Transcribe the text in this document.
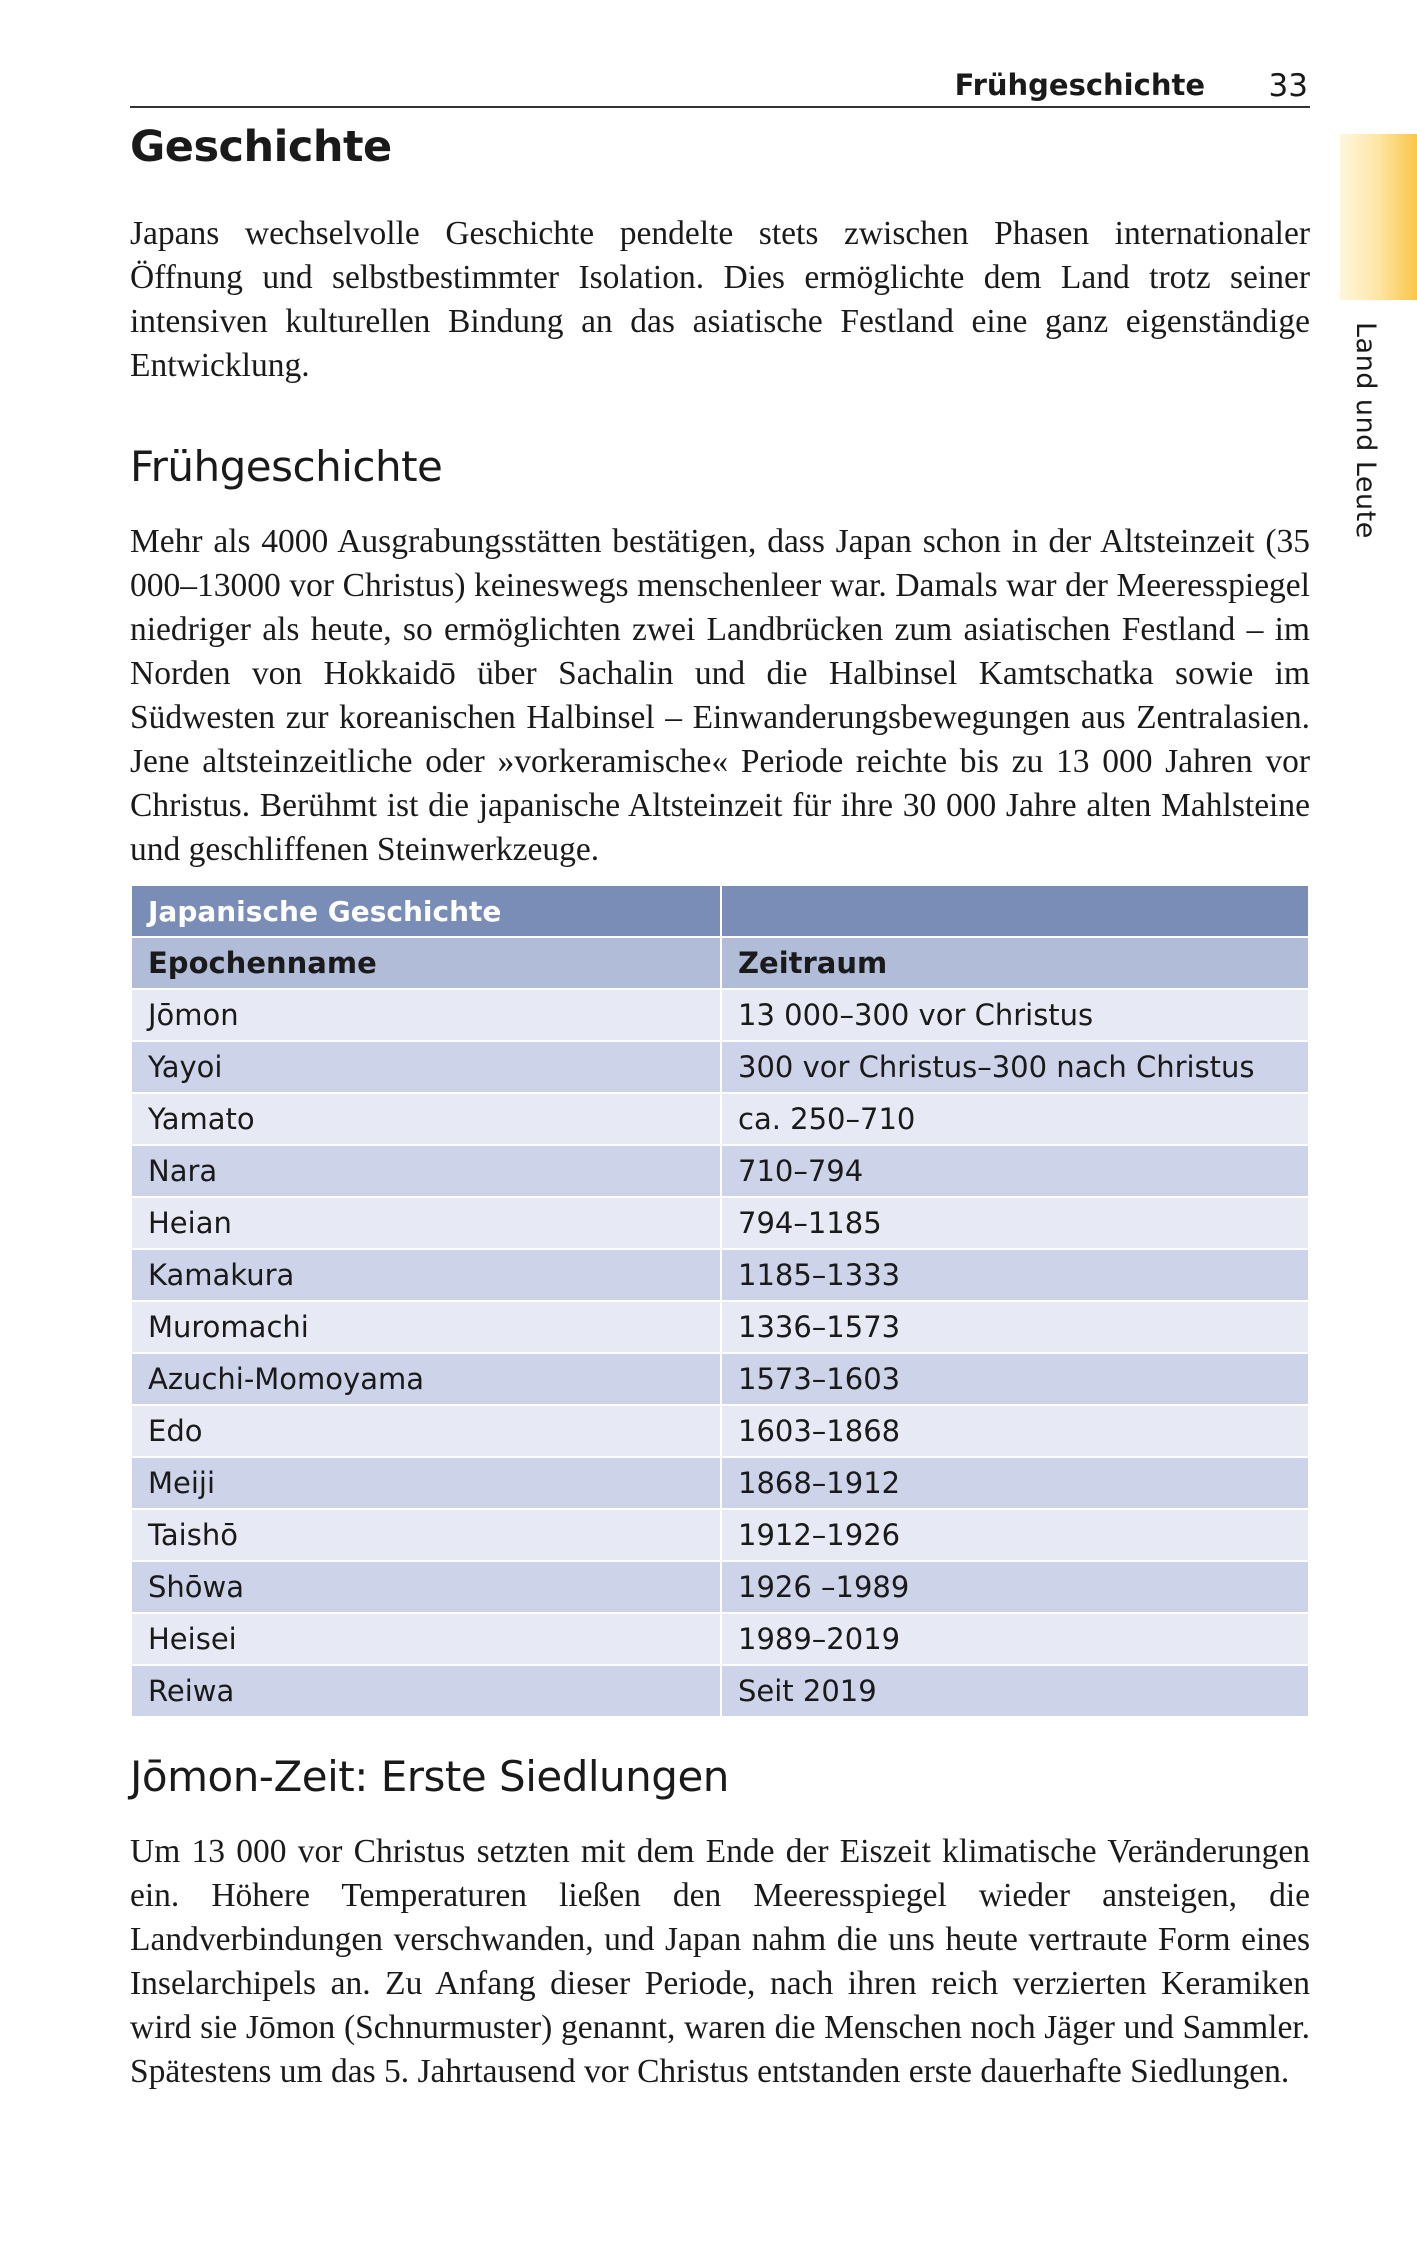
Frühgeschichte 33
Land und Leute
Geschichte

Japans wechselvolle Geschichte pendelte stets zwischen Phasen internationaler Öffnung und selbstbestimmter Isolation. Dies ermöglichte dem Land trotz seiner intensiven kulturellen Bindung an das asiatische Festland eine ganz eigenständige Entwicklung.

Frühgeschichte

Mehr als 4000 Ausgrabungsstätten bestätigen, dass Japan schon in der Altsteinzeit (35 000–13000 vor Christus) keineswegs menschenleer war. Damals war der Meeresspiegel niedriger als heute, so ermöglichten zwei Landbrücken zum asiatischen Festland – im Norden von Hokkaidō über Sachalin und die Halbinsel Kamtschatka sowie im Südwesten zur koreanischen Halbinsel – Einwanderungsbewegungen aus Zentralasien. Jene altsteinzeitliche oder »vorkeramische« Periode reichte bis zu 13 000 Jahren vor Christus. Berühmt ist die japanische Altsteinzeit für ihre 30 000 Jahre alten Mahlsteine und geschliffenen Steinwerkzeuge.

Japanische Geschichte	
Epochenname	Zeitraum
Jōmon	13 000–300 vor Christus
Yayoi	300 vor Christus–300 nach Christus
Yamato	ca. 250–710
Nara	710–794
Heian	794–1185
Kamakura	1185–1333
Muromachi	1336–1573
Azuchi-Momoyama	1573–1603
Edo	1603–1868
Meiji	1868–1912
Taishō	1912–1926
Shōwa	1926 –1989
Heisei	1989–2019
Reiwa	Seit 2019
Jōmon-Zeit: Erste Siedlungen

Um 13 000 vor Christus setzten mit dem Ende der Eiszeit klimatische Veränderungen ein. Höhere Temperaturen ließen den Meeresspiegel wieder ansteigen, die Landverbindungen verschwanden, und Japan nahm die uns heute vertraute Form eines Inselarchipels an. Zu Anfang dieser Periode, nach ihren reich verzierten Keramiken wird sie Jōmon (Schnurmuster) genannt, waren die Menschen noch Jäger und Sammler. Spätestens um das 5. Jahrtausend vor Christus entstanden erste dauerhafte Siedlungen.
